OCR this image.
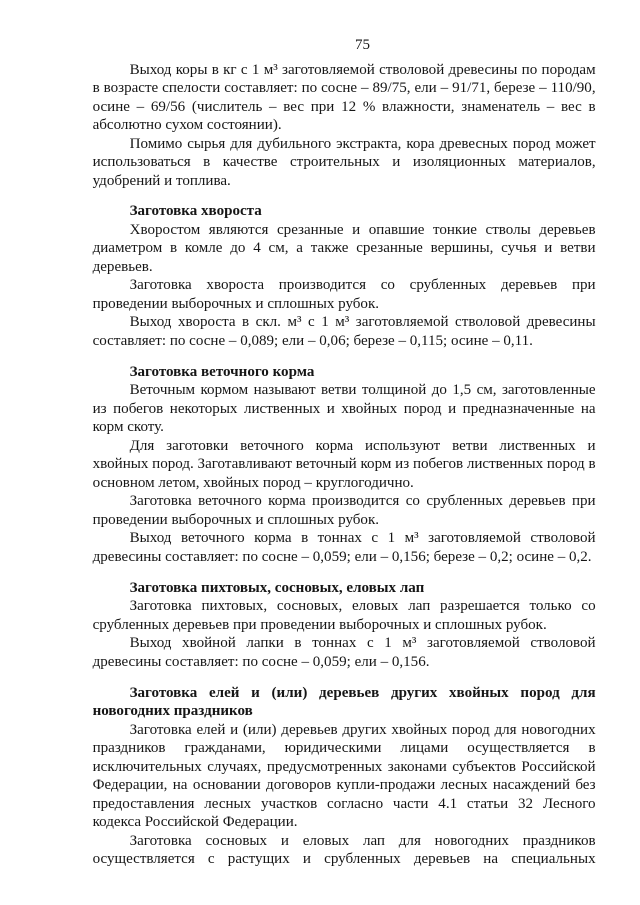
75

Выход коры в кг с 1 м³ заготовляемой стволовой древесины по породам в возрасте спелости составляет: по сосне – 89/75, ели – 91/71, березе – 110/90, осине – 69/56 (числитель – вес при 12 % влажности, знаменатель – вес в абсолютно сухом состоянии).

Помимо сырья для дубильного экстракта, кора древесных пород может использоваться в качестве строительных и изоляционных материалов, удобрений и топлива.

Заготовка хвороста

Хворостом являются срезанные и опавшие тонкие стволы деревьев диаметром в комле до 4 см, а также срезанные вершины, сучья и ветви деревьев.

Заготовка хвороста производится со срубленных деревьев при проведении выборочных и сплошных рубок.

Выход хвороста в скл. м³ с 1 м³ заготовляемой стволовой древесины составляет: по сосне – 0,089; ели – 0,06; березе – 0,115; осине – 0,11.

Заготовка веточного корма

Веточным кормом называют ветви толщиной до 1,5 см, заготовленные из побегов некоторых лиственных и хвойных пород и предназначенные на корм скоту.

Для заготовки веточного корма используют ветви лиственных и хвойных пород. Заготавливают веточный корм из побегов лиственных пород в основном летом, хвойных пород – круглогодично.

Заготовка веточного корма производится со срубленных деревьев при проведении выборочных и сплошных рубок.

Выход веточного корма в тоннах с 1 м³ заготовляемой стволовой древесины составляет: по сосне – 0,059; ели – 0,156; березе – 0,2; осине – 0,2.

Заготовка пихтовых, сосновых, еловых лап

Заготовка пихтовых, сосновых, еловых лап разрешается только со срубленных деревьев при проведении выборочных и сплошных рубок.

Выход хвойной лапки в тоннах с 1 м³ заготовляемой стволовой древесины составляет: по сосне – 0,059; ели – 0,156.

Заготовка елей и (или) деревьев других хвойных пород для новогодних праздников

Заготовка елей и (или) деревьев других хвойных пород для новогодних праздников гражданами, юридическими лицами осуществляется в исключительных случаях, предусмотренных законами субъектов Российской Федерации, на основании договоров купли-продажи лесных насаждений без предоставления лесных участков согласно части 4.1 статьи 32 Лесного кодекса Российской Федерации.

Заготовка сосновых и еловых лап для новогодних праздников осуществляется с растущих и срубленных деревьев на специальных
